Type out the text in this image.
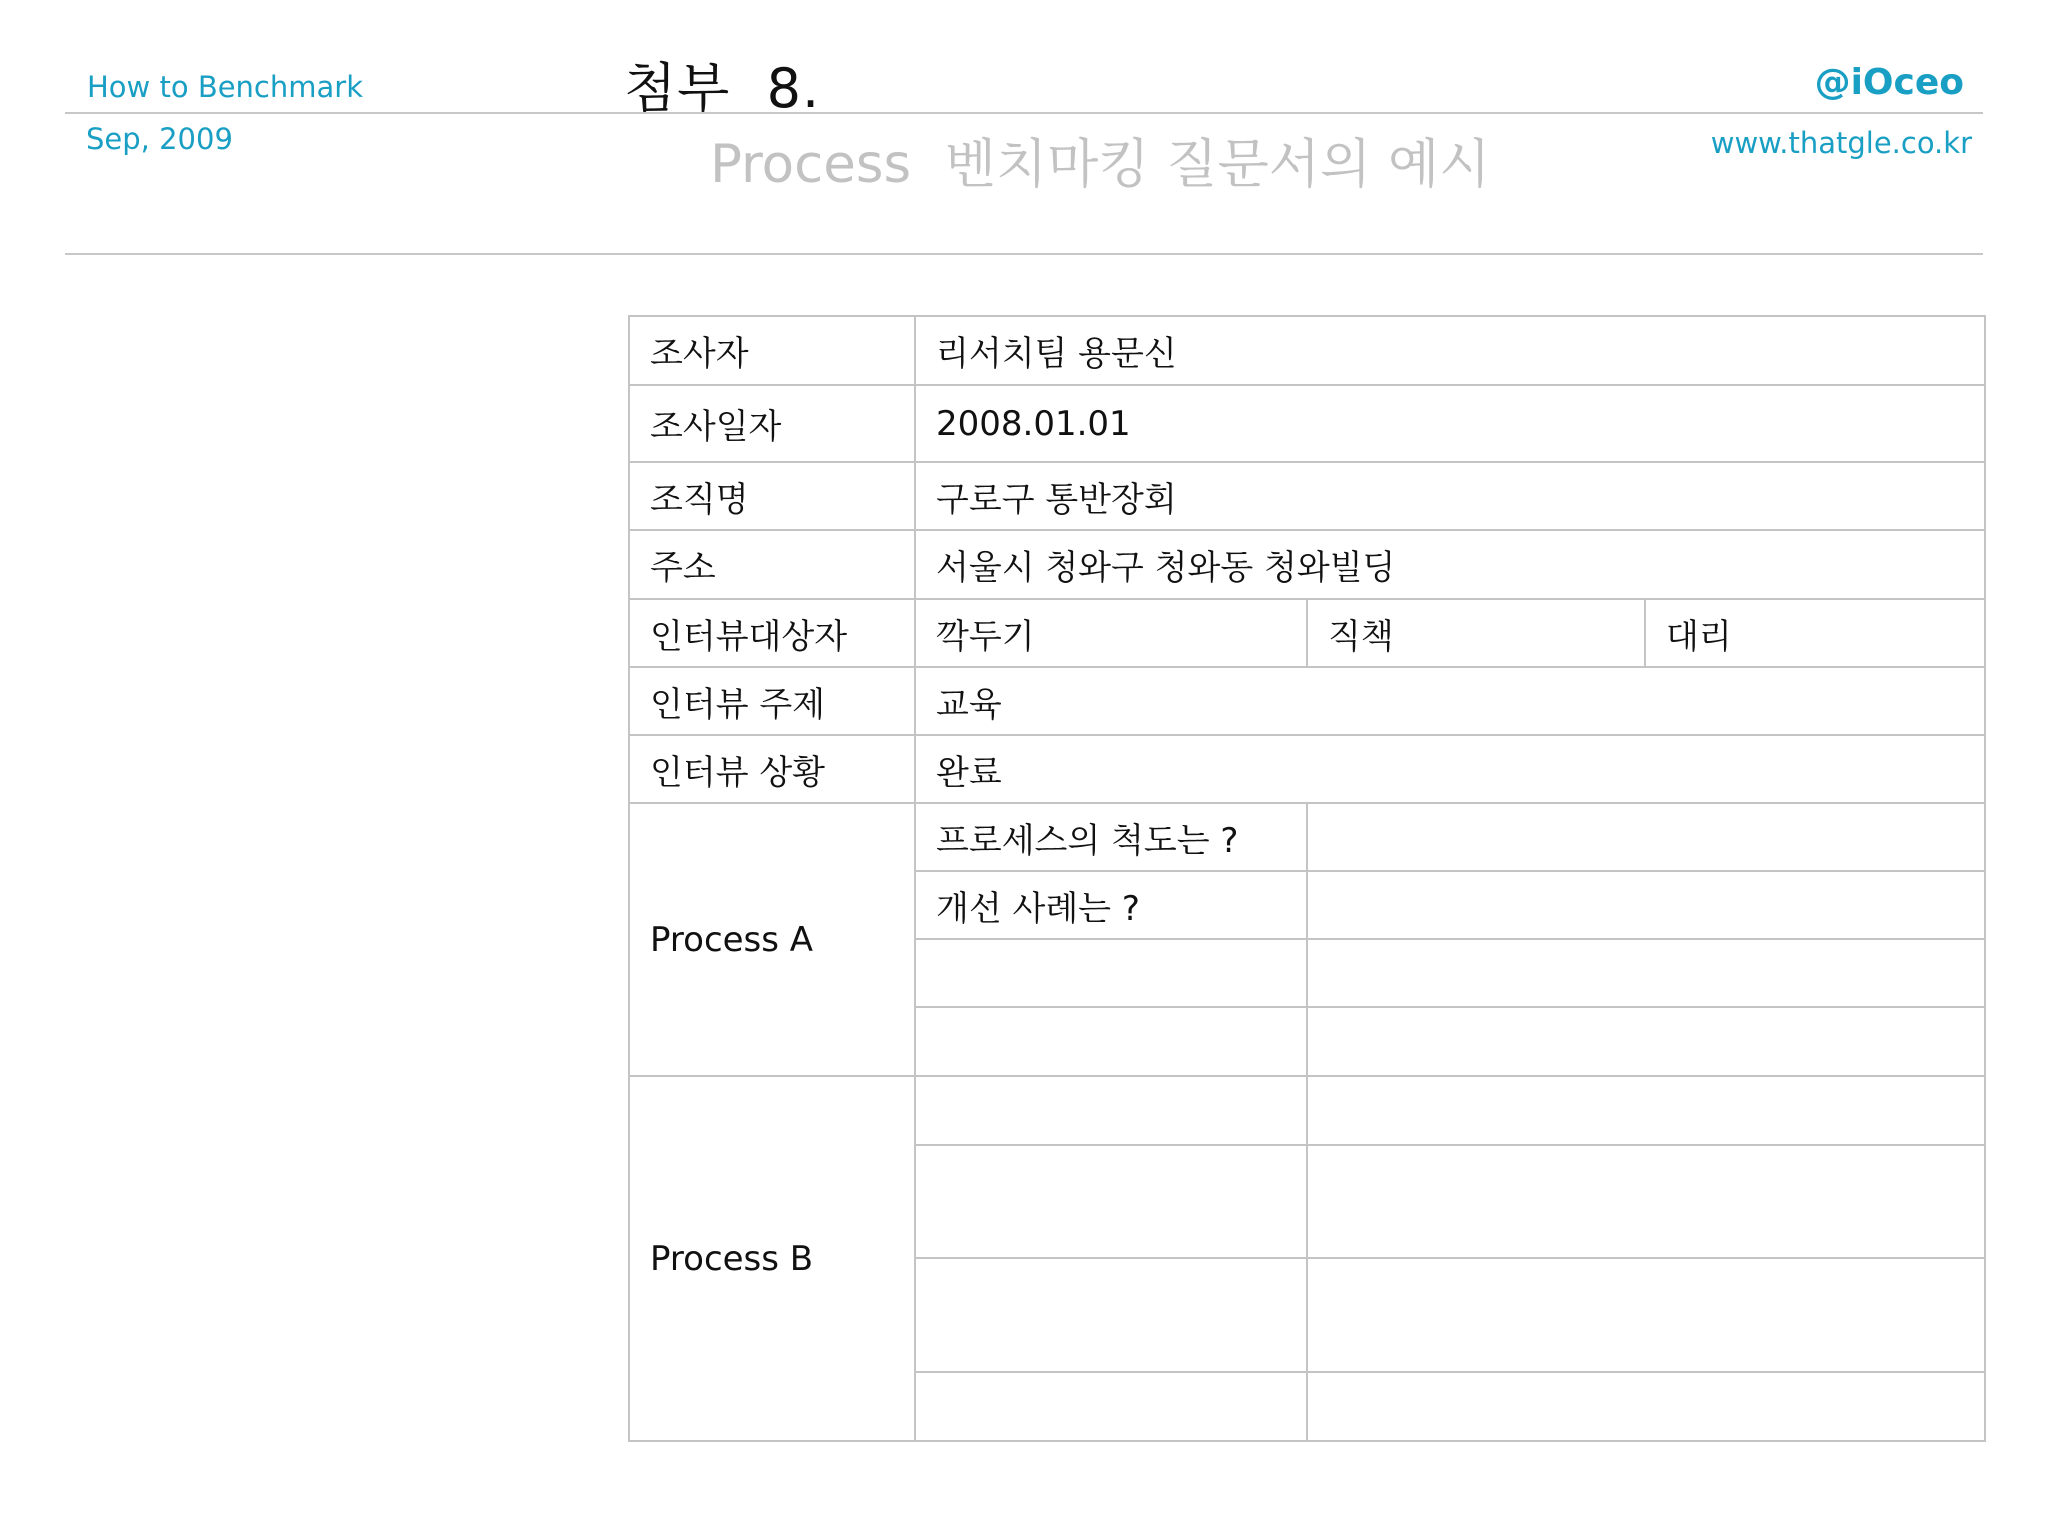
How to Benchmark
Sep, 2009
@iOceo
www.thatgle.co.kr
첨부  8.
Process  벤치마킹 질문서의 예시
조사자	리서치팀 용문신		
조사일자	2008.01.01		
조직명	구로구 통반장회		
주소	서울시 청와구 청와동 청와빌딩		
인터뷰대상자	깍두기	직책	대리
인터뷰 주제	교육		
인터뷰 상황	완료		
Process A	프로세스의 척도는 ?		
	개선 사례는 ?		

Process B			
